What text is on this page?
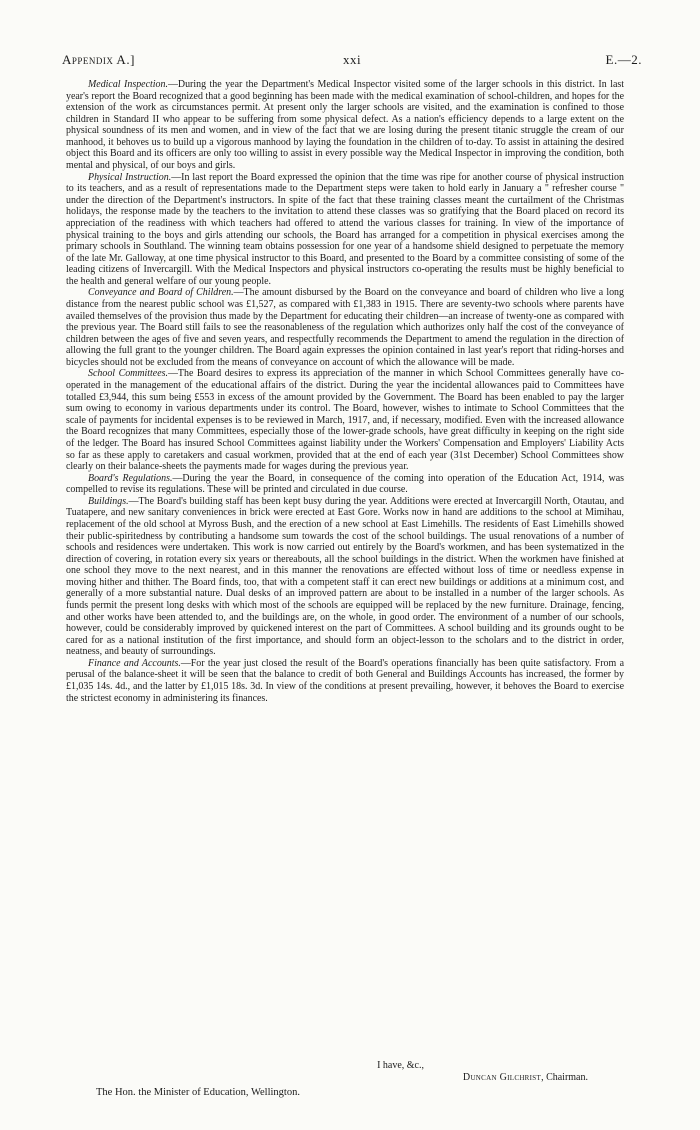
Appendix A.]	xxi	E.—2.

Medical Inspection.—During the year the Department's Medical Inspector visited some of the larger schools in this district. In last year's report the Board recognized that a good beginning has been made with the medical examination of school-children, and hopes for the extension of the work as circumstances permit. At present only the larger schools are visited, and the examination is confined to those children in Standard II who appear to be suffering from some physical defect. As a nation's efficiency depends to a large extent on the physical soundness of its men and women, and in view of the fact that we are losing during the present titanic struggle the cream of our manhood, it behoves us to build up a vigorous manhood by laying the foundation in the children of to-day. To assist in attaining the desired object this Board and its officers are only too willing to assist in every possible way the Medical Inspector in improving the condition, both mental and physical, of our boys and girls.

Physical Instruction.—In last report the Board expressed the opinion that the time was ripe for another course of physical instruction to its teachers, and as a result of representations made to the Department steps were taken to hold early in January a " refresher course " under the direction of the Department's instructors. In spite of the fact that these training classes meant the curtailment of the Christmas holidays, the response made by the teachers to the invitation to attend these classes was so gratifying that the Board placed on record its appreciation of the readiness with which teachers had offered to attend the various classes for training. In view of the importance of physical training to the boys and girls attending our schools, the Board has arranged for a competition in physical exercises among the primary schools in Southland. The winning team obtains possession for one year of a handsome shield designed to perpetuate the memory of the late Mr. Galloway, at one time physical instructor to this Board, and presented to the Board by a committee consisting of some of the leading citizens of Invercargill. With the Medical Inspectors and physical instructors co-operating the results must be highly beneficial to the health and general welfare of our young people.

Conveyance and Board of Children.—The amount disbursed by the Board on the conveyance and board of children who live a long distance from the nearest public school was £1,527, as compared with £1,383 in 1915. There are seventy-two schools where parents have availed themselves of the provision thus made by the Department for educating their children—an increase of twenty-one as compared with the previous year. The Board still fails to see the reasonableness of the regulation which authorizes only half the cost of the conveyance of children between the ages of five and seven years, and respectfully recommends the Department to amend the regulation in the direction of allowing the full grant to the younger children. The Board again expresses the opinion contained in last year's report that riding-horses and bicycles should not be excluded from the means of conveyance on account of which the allowance will be made.

School Committees.—The Board desires to express its appreciation of the manner in which School Committees generally have co-operated in the management of the educational affairs of the district. During the year the incidental allowances paid to Committees have totalled £3,944, this sum being £553 in excess of the amount provided by the Government. The Board has been enabled to pay the larger sum owing to economy in various departments under its control. The Board, however, wishes to intimate to School Committees that the scale of payments for incidental expenses is to be reviewed in March, 1917, and, if necessary, modified. Even with the increased allowance the Board recognizes that many Committees, especially those of the lower-grade schools, have great difficulty in keeping on the right side of the ledger. The Board has insured School Committees against liability under the Workers' Compensation and Employers' Liability Acts so far as these apply to caretakers and casual workmen, provided that at the end of each year (31st December) School Committees show clearly on their balance-sheets the payments made for wages during the previous year.

Board's Regulations.—During the year the Board, in consequence of the coming into operation of the Education Act, 1914, was compelled to revise its regulations. These will be printed and circulated in due course.

Buildings.—The Board's building staff has been kept busy during the year. Additions were erected at Invercargill North, Otautau, and Tuatapere, and new sanitary conveniences in brick were erected at East Gore. Works now in hand are additions to the school at Mimihau, replacement of the old school at Myross Bush, and the erection of a new school at East Limehills. The residents of East Limehills showed their public-spiritedness by contributing a handsome sum towards the cost of the school buildings. The usual renovations of a number of schools and residences were undertaken. This work is now carried out entirely by the Board's workmen, and has been systematized in the direction of covering, in rotation every six years or thereabouts, all the school buildings in the district. When the workmen have finished at one school they move to the next nearest, and in this manner the renovations are effected without loss of time or needless expense in moving hither and thither. The Board finds, too, that with a competent staff it can erect new buildings or additions at a minimum cost, and generally of a more substantial nature. Dual desks of an improved pattern are about to be installed in a number of the larger schools. As funds permit the present long desks with which most of the schools are equipped will be replaced by the new furniture. Drainage, fencing, and other works have been attended to, and the buildings are, on the whole, in good order. The environment of a number of our schools, however, could be considerably improved by quickened interest on the part of Committees. A school building and its grounds ought to be cared for as a national institution of the first importance, and should form an object-lesson to the scholars and to the district in order, neatness, and beauty of surroundings.

Finance and Accounts.—For the year just closed the result of the Board's operations financially has been quite satisfactory. From a perusal of the balance-sheet it will be seen that the balance to credit of both General and Buildings Accounts has increased, the former by £1,035 14s. 4d., and the latter by £1,015 18s. 3d. In view of the conditions at present prevailing, however, it behoves the Board to exercise the strictest economy in administering its finances.

I have, &c.,
Duncan Gilchrist, Chairman.
The Hon. the Minister of Education, Wellington.
